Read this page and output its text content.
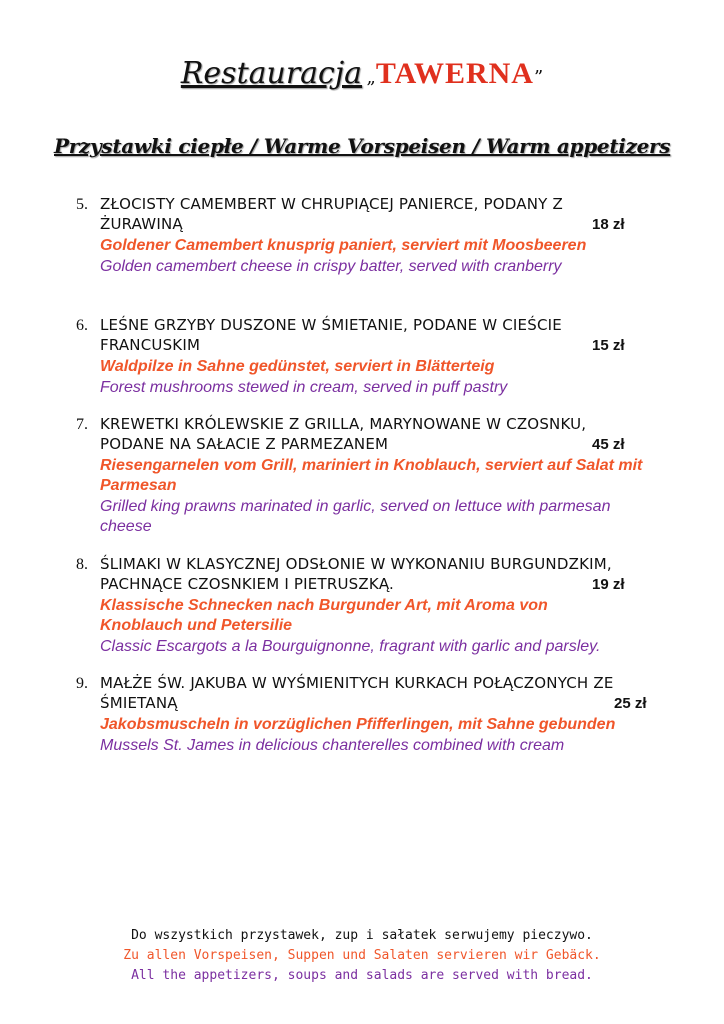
Restauracja „TAWERNA”
Przystawki ciepłe / Warme Vorspeisen / Warm appetizers
5. ZŁOCISTY CAMEMBERT W CHRUPIĄCEJ PANIERCE, PODANY Z ŻURAWINĄ	18 zł
Goldener Camembert knusprig paniert, serviert mit Moosbeeren
Golden camembert cheese in crispy batter, served with cranberry
6. LEŚNE GRZYBY DUSZONE W ŚMIETANIE, PODANE W CIEŚCIE FRANCUSKIM	15 zł
Waldpilze in Sahne gedünstet, serviert in Blätterteig
Forest mushrooms stewed in cream, served in puff pastry
7. KREWETKI KRÓLEWSKIE Z GRILLA, MARYNOWANE W CZOSNKU, PODANE NA SAŁACIE Z PARMEZANEM	45 zł
Riesengarnelen vom Grill, mariniert in Knoblauch, serviert auf Salat mit Parmesan
Grilled king prawns marinated in garlic, served on lettuce with parmesan cheese
8. ŚLIMAKI W KLASYCZNEJ ODSŁONIE W WYKONANIU BURGUNDZKIM, PACHNĄCE CZOSNKIEM I PIETRUSZKĄ.	19 zł
Klassische Schnecken nach Burgunder Art, mit Aroma von Knoblauch und Petersilie
Classic Escargots a la Bourguignonne, fragrant with garlic and parsley.
9. MAŁŻE ŚW. JAKUBA W WYŚMIENITYCH KURKACH POŁĄCZONYCH ZE ŚMIETANĄ	25 zł
Jakobsmuscheln in vorzüglichen Pfifferlingen, mit Sahne gebunden
Mussels St. James in delicious chanterelles combined with cream
Do wszystkich przystawek, zup i sałatek serwujemy pieczywo.
Zu allen Vorspeisen, Suppen und Salaten servieren wir Gebäck.
All the appetizers, soups and salads are served with bread.
